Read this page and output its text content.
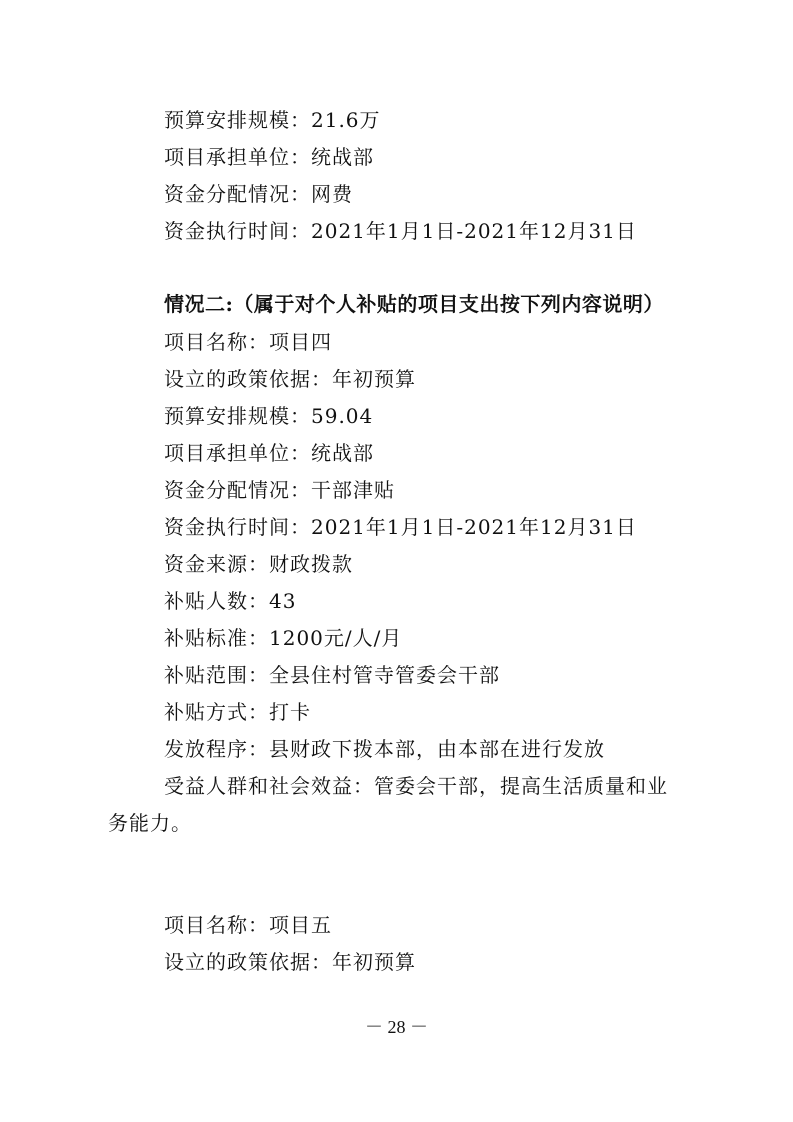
预算安排规模：21.6万
项目承担单位：统战部
资金分配情况：网费
资金执行时间：2021年1月1日-2021年12月31日
情况二:（属于对个人补贴的项目支出按下列内容说明）
项目名称：项目四
设立的政策依据：年初预算
预算安排规模：59.04
项目承担单位：统战部
资金分配情况：干部津贴
资金执行时间：2021年1月1日-2021年12月31日
资金来源：财政拨款
补贴人数：43
补贴标准：1200元/人/月
补贴范围：全县住村管寺管委会干部
补贴方式：打卡
发放程序：县财政下拨本部，由本部在进行发放
受益人群和社会效益：管委会干部，提高生活质量和业
务能力。
项目名称：项目五
设立的政策依据：年初预算
－ 28 －
